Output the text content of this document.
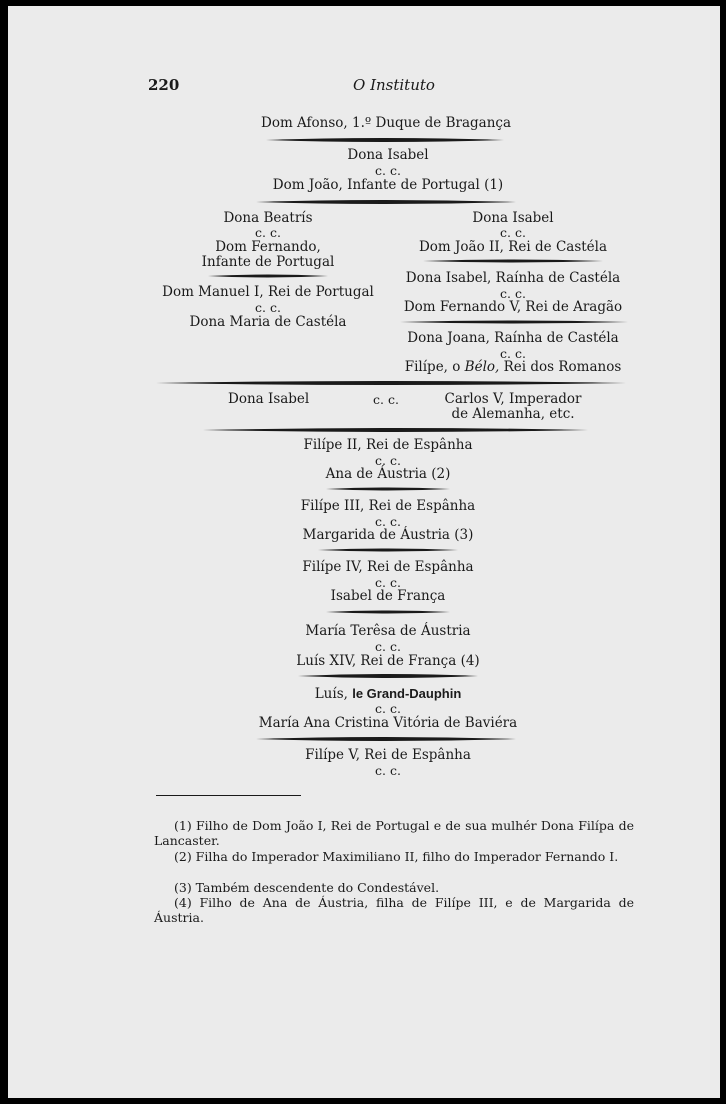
220	O Instituto
Dom Afonso, 1.º Duque de Bragança
Dona Isabel
c. c.
Dom João, Infante de Portugal (1)
Dona Beatrís
c. c.
Dom Fernando,
Infante de Portugal
Dom Manuel I, Rei de Portugal
c. c.
Dona Maria de Castéla
Dona Isabel
c. c.
Dom João II, Rei de Castéla
Dona Isabel, Raínha de Castéla
c. c.
Dom Fernando V, Rei de Aragão
Dona Joana, Raínha de Castéla
c. c.
Filípe, o Bélo, Rei dos Romanos
Dona Isabel	c. c.	Carlos V, Imperador
de Alemanha, etc.
Filípe II, Rei de Espânha
c. c.
Ana de Áustria (2)
Filípe III, Rei de Espânha
c. c.
Margarida de Áustria (3)
Filípe IV, Rei de Espânha
c. c.
Isabel de França
María Terêsa de Áustria
c. c.
Luís XIV, Rei de França (4)
Luís, le Grand-Dauphin
c. c.
María Ana Cristina Vitória de Baviéra
Filípe V, Rei de Espânha
c. c.
(1) Filho de Dom João I, Rei de Portugal e de sua mulhér Dona Filípa de Lancaster.
(2) Filha do Imperador Maximiliano II, filho do Imperador Fernando I.
(3) Também descendente do Condestável.
(4) Filho de Ana de Áustria, filha de Filípe III, e de Margarida de Áustria.
